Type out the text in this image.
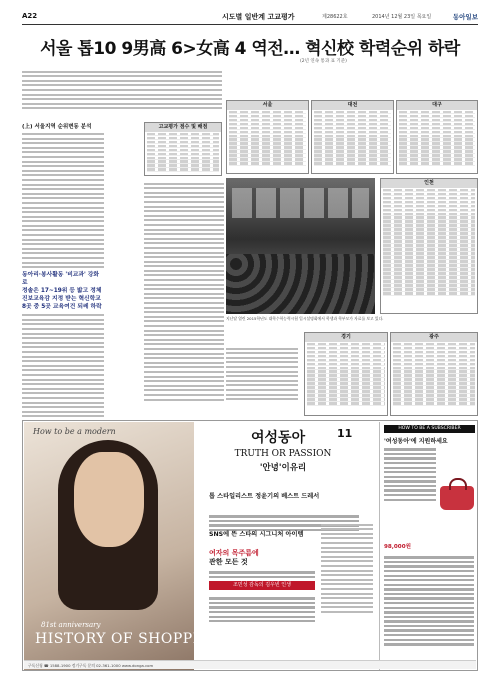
A22	시도별 일반계 고교평가	제28622호	2014년 12월 23일 목요일	동아일보
서울 톱10 9男高 6>女高 4 역전… 혁신校 학력순위 하락
(2년 연속 통과 표 기준)
(上) 서울지역 순위변동 분석
동아리·봉사활동 '비교과' 강화로
정솔은 17~19위 등 밟고 정체
진보교육감 지정 받는 혁신학교
8곳 중 5곳 교육여건 되레 하락
고교평가 점수 및 배점
서울	대전	대구
지난달 열린 2015학년도 대학수학능력시험 입시설명회에서 학생과 학부모가 자료를 보고 있다.
인천
경기	광주
How to be a modern
81st anniversary
HISTORY OF SHOPPING
여성동아	11
TRUTH OR PASSION
'안녕'이유리
톱 스타일리스트 정윤기의 베스트 드레서
SNS에 뜬 스타의 시그니처 아이템
여자의 목주름에
관한 모든 것
조민성 감독의 김우빈 인생
HOW TO BE A SUBSCRIBER
'여성동아'에 지원하세요
98,000원
구독신청 ☎ 1588-1900 정기구독 문의 02-361-1000 www.donga.com
